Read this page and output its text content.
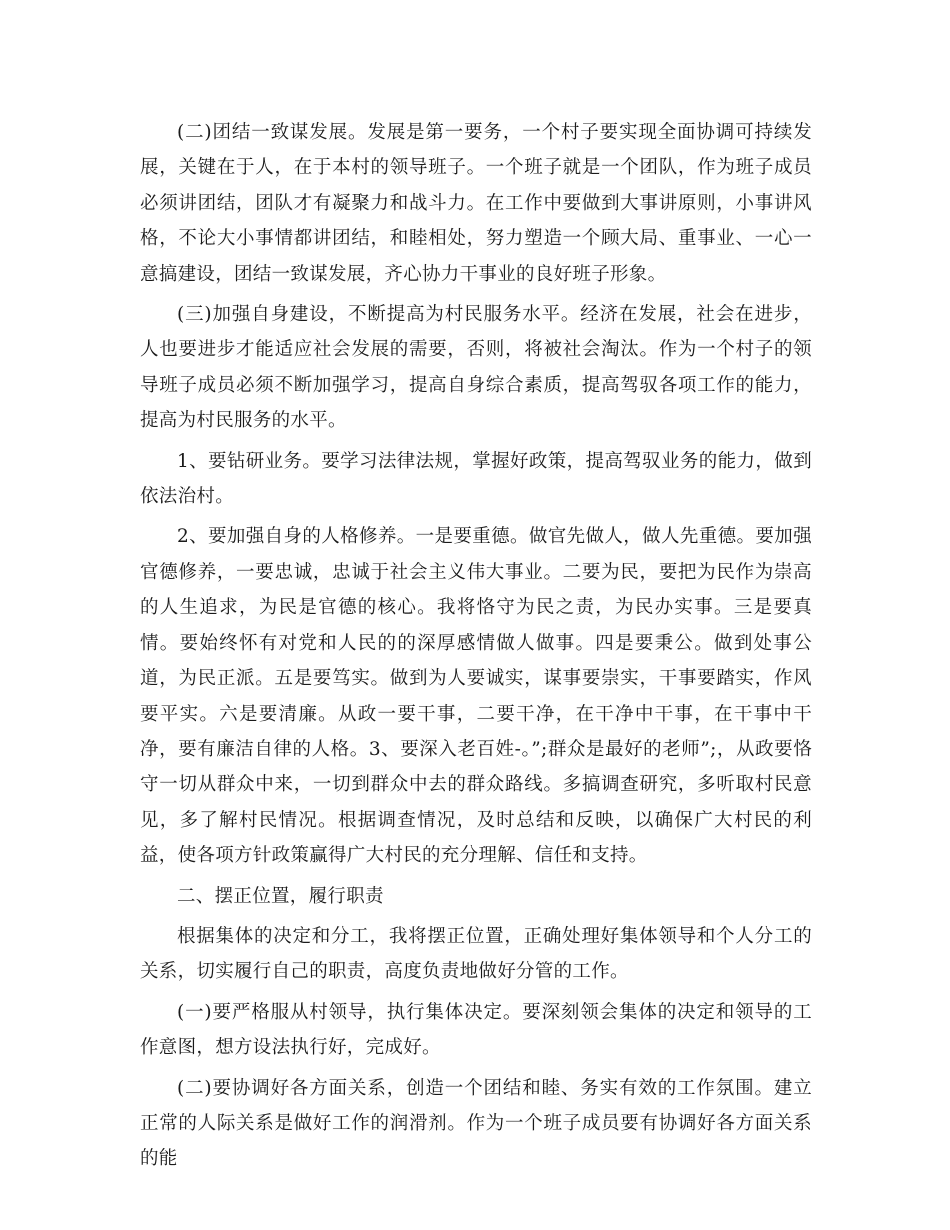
(二)团结一致谋发展。发展是第一要务，一个村子要实现全面协调可持续发展，关键在于人，在于本村的领导班子。一个班子就是一个团队，作为班子成员必须讲团结，团队才有凝聚力和战斗力。在工作中要做到大事讲原则，小事讲风格，不论大小事情都讲团结，和睦相处，努力塑造一个顾大局、重事业、一心一意搞建设，团结一致谋发展，齐心协力干事业的良好班子形象。

(三)加强自身建设，不断提高为村民服务水平。经济在发展，社会在进步，人也要进步才能适应社会发展的需要，否则，将被社会淘汰。作为一个村子的领导班子成员必须不断加强学习，提高自身综合素质，提高驾驭各项工作的能力，提高为村民服务的水平。

1、要钻研业务。要学习法律法规，掌握好政策，提高驾驭业务的能力，做到依法治村。

2、要加强自身的人格修养。一是要重德。做官先做人，做人先重德。要加强官德修养，一要忠诚，忠诚于社会主义伟大事业。二要为民，要把为民作为崇高的人生追求，为民是官德的核心。我将恪守为民之责，为民办实事。三是要真情。要始终怀有对党和人民的的深厚感情做人做事。四是要秉公。做到处事公道，为民正派。五是要笃实。做到为人要诚实，谋事要崇实，干事要踏实，作风要平实。六是要清廉。从政一要干事，二要干净，在干净中干事，在干事中干净，要有廉洁自律的人格。3、要深入老百姓-。”;群众是最好的老师”;，从政要恪守一切从群众中来，一切到群众中去的群众路线。多搞调查研究，多听取村民意见，多了解村民情况。根据调查情况，及时总结和反映，以确保广大村民的利益，使各项方针政策赢得广大村民的充分理解、信任和支持。

二、摆正位置，履行职责

根据集体的决定和分工，我将摆正位置，正确处理好集体领导和个人分工的关系，切实履行自己的职责，高度负责地做好分管的工作。

(一)要严格服从村领导，执行集体决定。要深刻领会集体的决定和领导的工作意图，想方设法执行好，完成好。

(二)要协调好各方面关系，创造一个团结和睦、务实有效的工作氛围。建立正常的人际关系是做好工作的润滑剂。作为一个班子成员要有协调好各方面关系的能
